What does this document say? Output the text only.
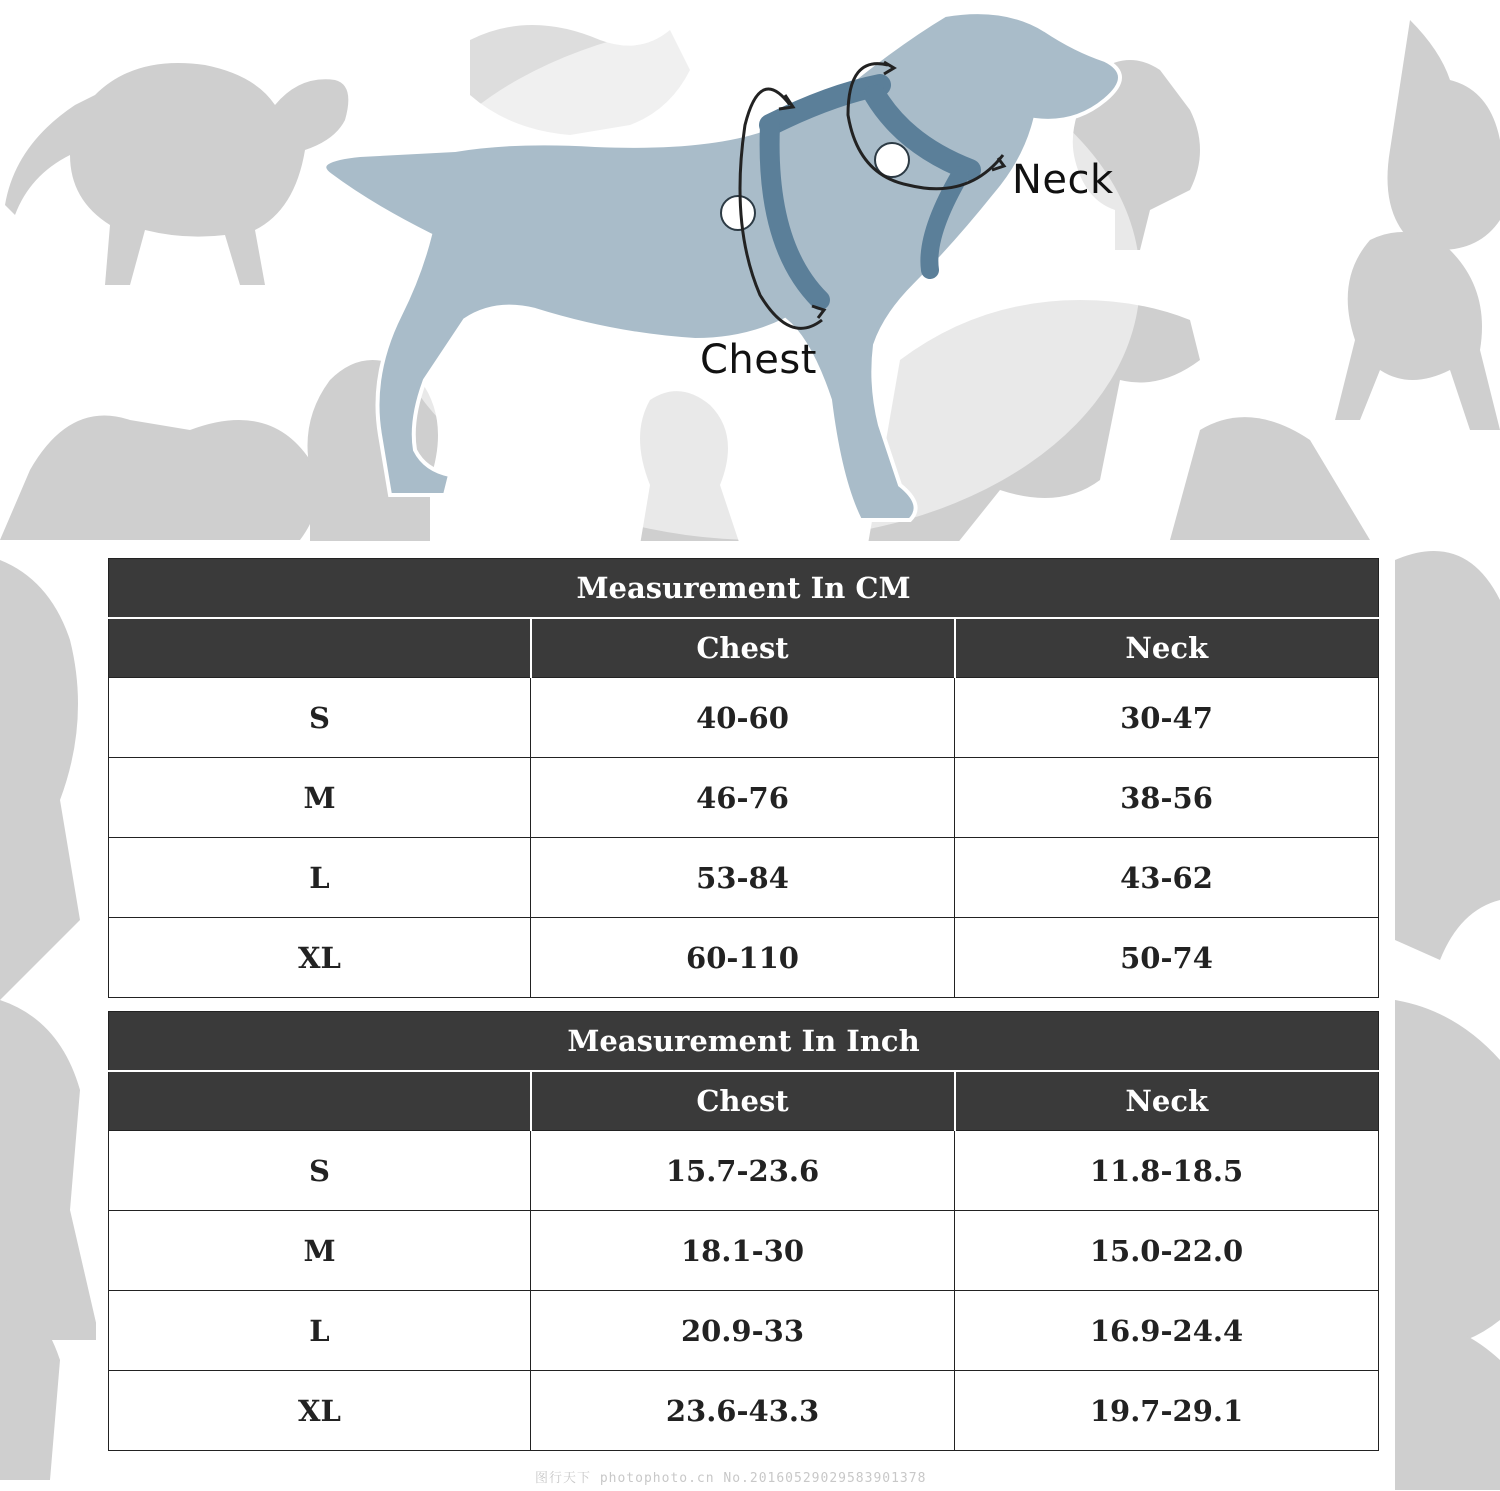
Neck
Chest
Measurement In CM		
	Chest	Neck
S	40-60	30-47
M	46-76	38-56
L	53-84	43-62
XL	60-110	50-74
Measurement In Inch		
	Chest	Neck
S	15.7-23.6	11.8-18.5
M	18.1-30	15.0-22.0
L	20.9-33	16.9-24.4
XL	23.6-43.3	19.7-29.1
图行天下 photophoto.cn No.20160529029583901378
